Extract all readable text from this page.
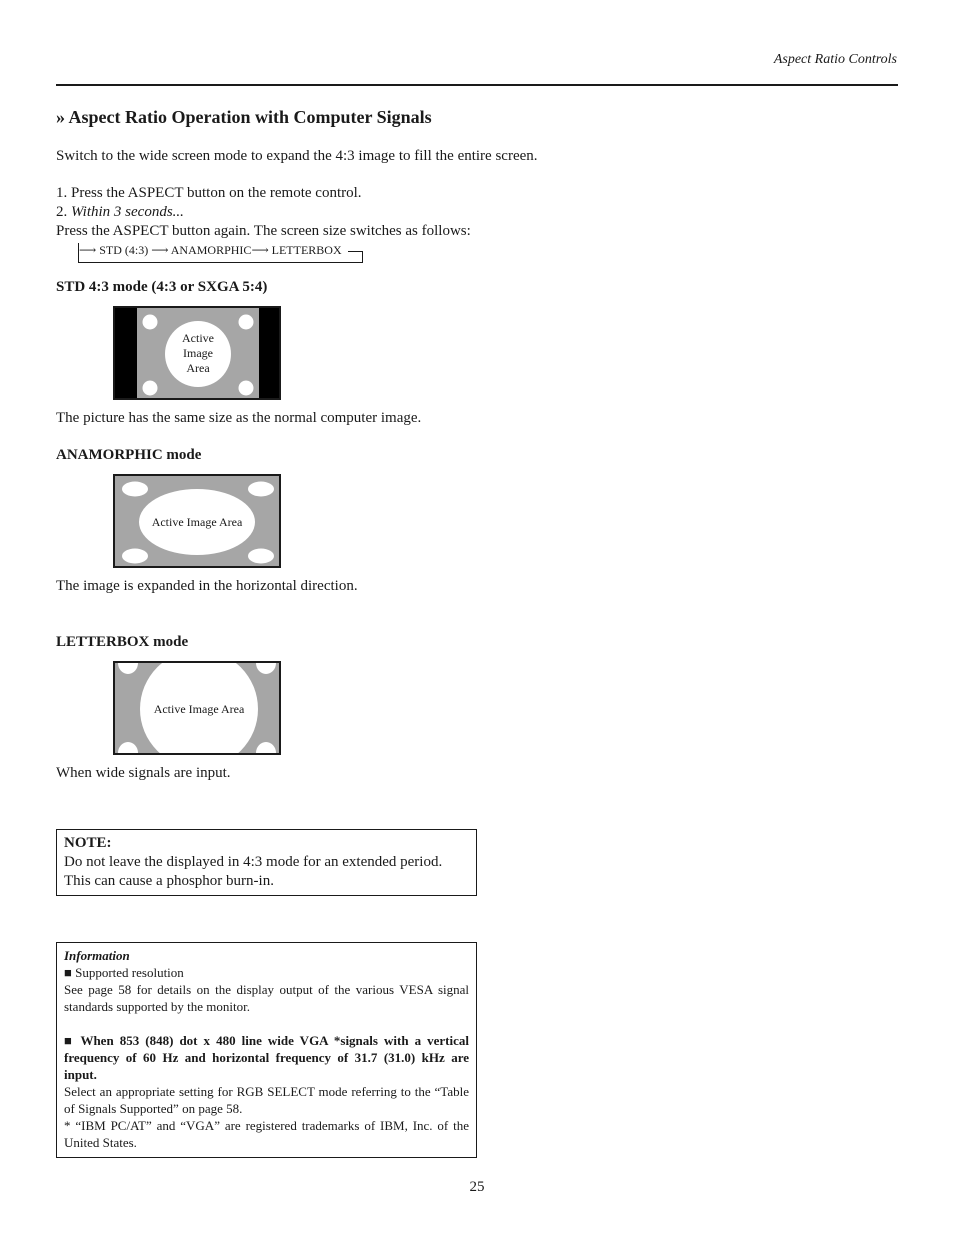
Aspect Ratio Controls
» Aspect Ratio Operation with Computer Signals
Switch to the wide screen mode to expand the 4:3 image to fill the entire screen.
1. Press the ASPECT button on the remote control.
2. Within 3 seconds...
Press the ASPECT button again. The screen size switches as follows:
⟶ STD (4:3) ⟶ ANAMORPHIC⟶ LETTERBOX
STD 4:3 mode (4:3 or SXGA 5:4)
Active
Image
Area
The picture has the same size as the normal computer image.
ANAMORPHIC mode
Active Image Area
The image is expanded in the horizontal direction.
LETTERBOX mode
Active Image Area
When wide signals are input.
NOTE:
Do not leave the displayed in 4:3 mode for an extended period.
This can cause a phosphor burn-in.
Information
■ Supported resolution
See page 58 for details on the display output of the various VESA signal standards supported by the monitor.
■ When 853 (848) dot x 480 line wide VGA *signals with a vertical frequency of 60 Hz and horizontal frequency of 31.7 (31.0) kHz are input.
Select an appropriate setting for RGB SELECT mode referring to the “Table of Signals Supported” on page 58.
* “IBM PC/AT” and “VGA” are registered trademarks of IBM, Inc. of the United States.
25
